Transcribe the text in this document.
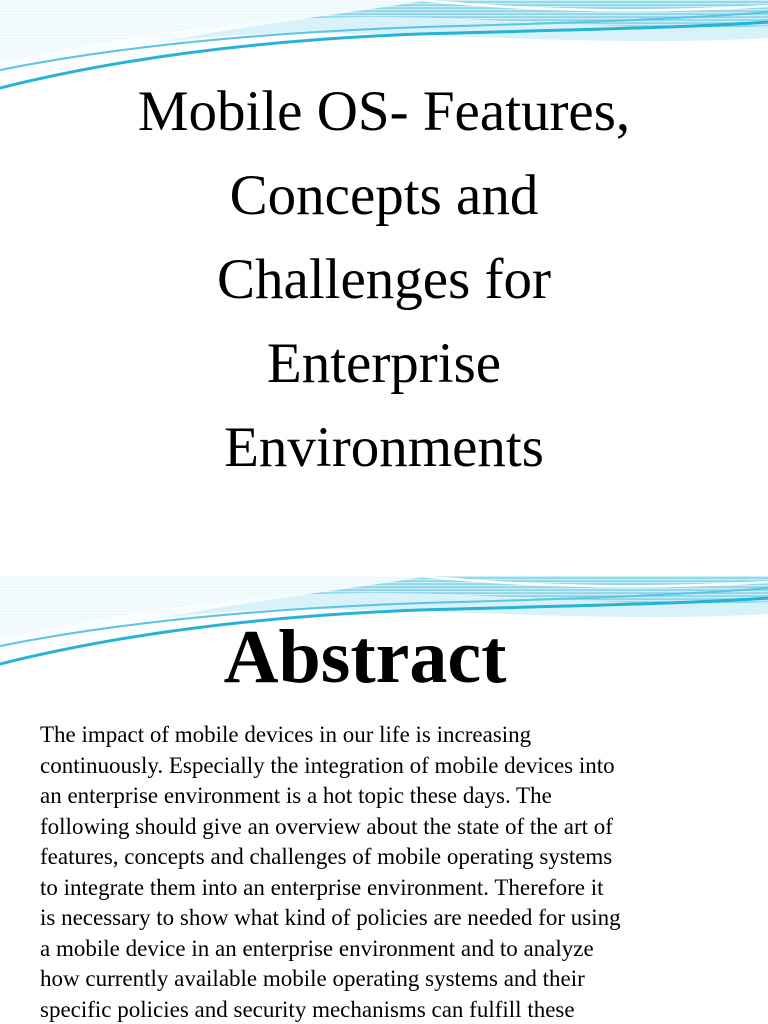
Mobile OS- Features,
Concepts and
Challenges for
Enterprise
Environments
Abstract

The impact of mobile devices in our life is increasing
continuously. Especially the integration of mobile devices into
an enterprise environment is a hot topic these days. The
following should give an overview about the state of the art of
features, concepts and challenges of mobile operating systems
to integrate them into an enterprise environment. Therefore it
is necessary to show what kind of policies are needed for using
a mobile device in an enterprise environment and to analyze
how currently available mobile operating systems and their
specific policies and security mechanisms can fulfill these
